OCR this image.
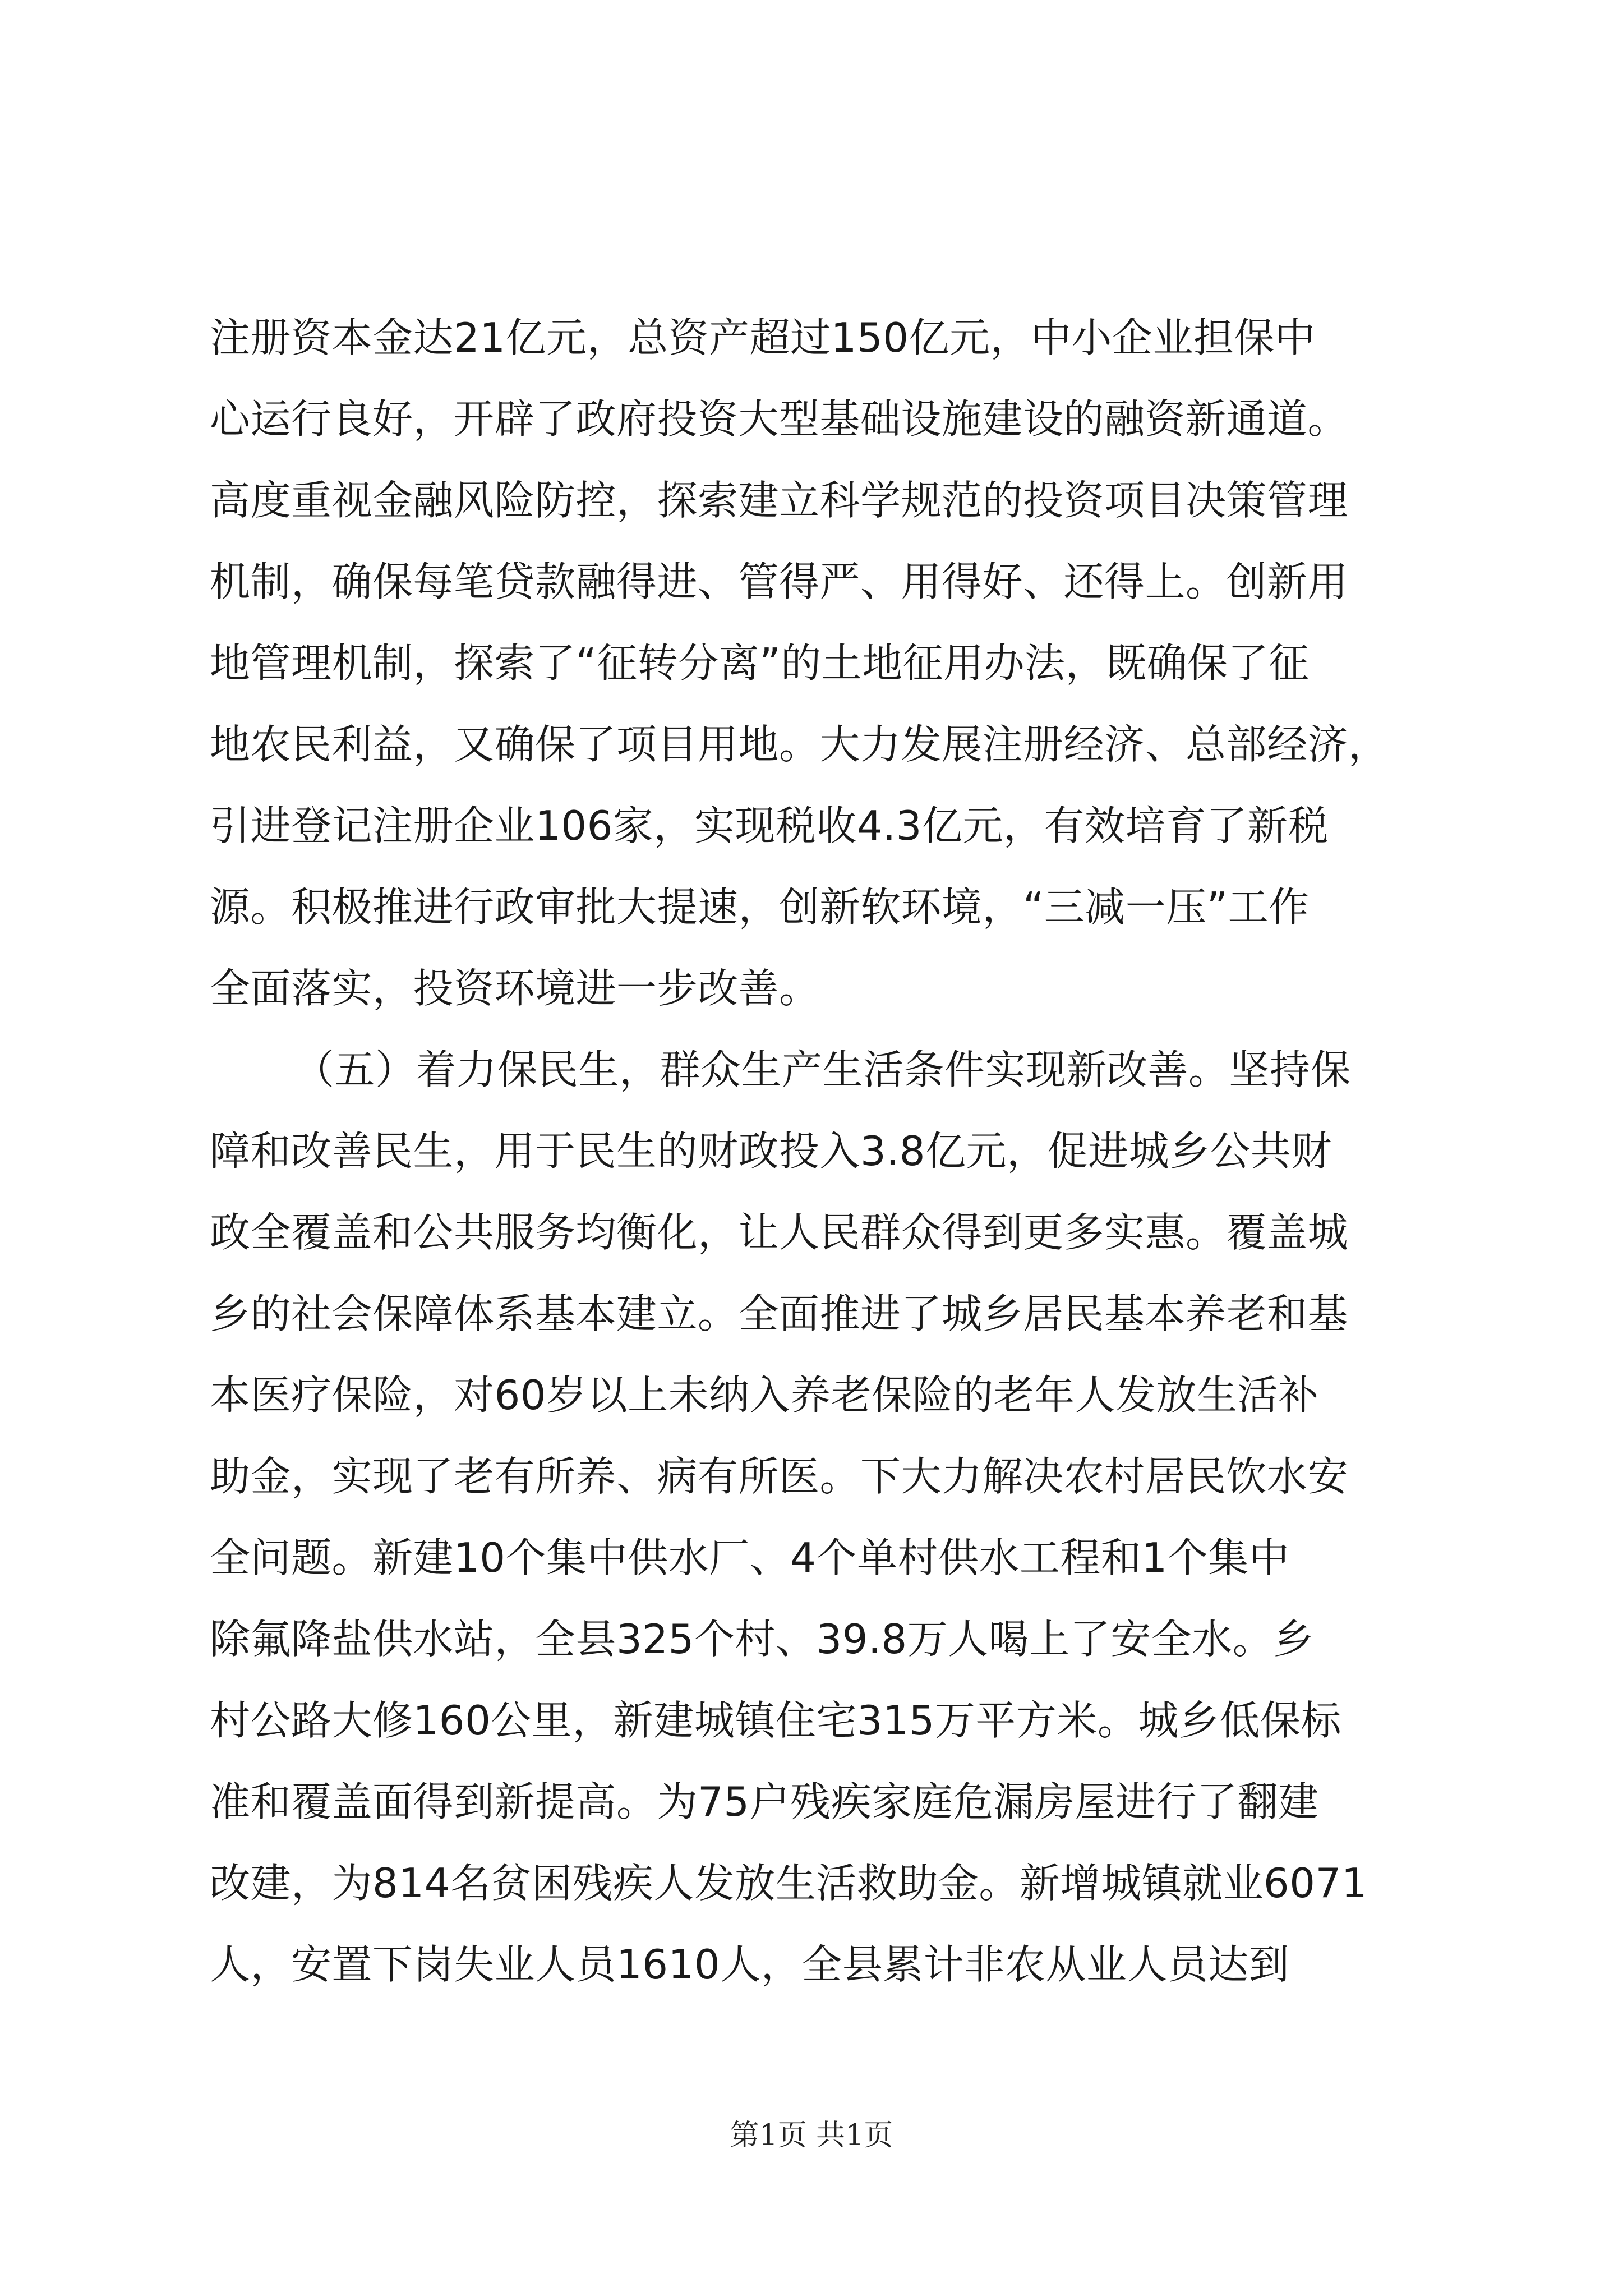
注册资本金达21亿元，总资产超过150亿元，中小企业担保中
心运行良好，开辟了政府投资大型基础设施建设的融资新通道。
高度重视金融风险防控，探索建立科学规范的投资项目决策管理
机制，确保每笔贷款融得进、管得严、用得好、还得上。创新用
地管理机制，探索了“征转分离”的土地征用办法，既确保了征
地农民利益，又确保了项目用地。大力发展注册经济、总部经济，
引进登记注册企业106家，实现税收4.3亿元，有效培育了新税
源。积极推进行政审批大提速，创新软环境，“三减一压”工作
全面落实，投资环境进一步改善。
（五）着力保民生，群众生产生活条件实现新改善。坚持保
障和改善民生，用于民生的财政投入3.8亿元，促进城乡公共财
政全覆盖和公共服务均衡化，让人民群众得到更多实惠。覆盖城
乡的社会保障体系基本建立。全面推进了城乡居民基本养老和基
本医疗保险，对60岁以上未纳入养老保险的老年人发放生活补
助金，实现了老有所养、病有所医。下大力解决农村居民饮水安
全问题。新建10个集中供水厂、4个单村供水工程和1个集中
除氟降盐供水站，全县325个村、39.8万人喝上了安全水。乡
村公路大修160公里，新建城镇住宅315万平方米。城乡低保标
准和覆盖面得到新提高。为75户残疾家庭危漏房屋进行了翻建
改建，为814名贫困残疾人发放生活救助金。新增城镇就业6071
人，安置下岗失业人员1610人，全县累计非农从业人员达到
第1页 共1页
